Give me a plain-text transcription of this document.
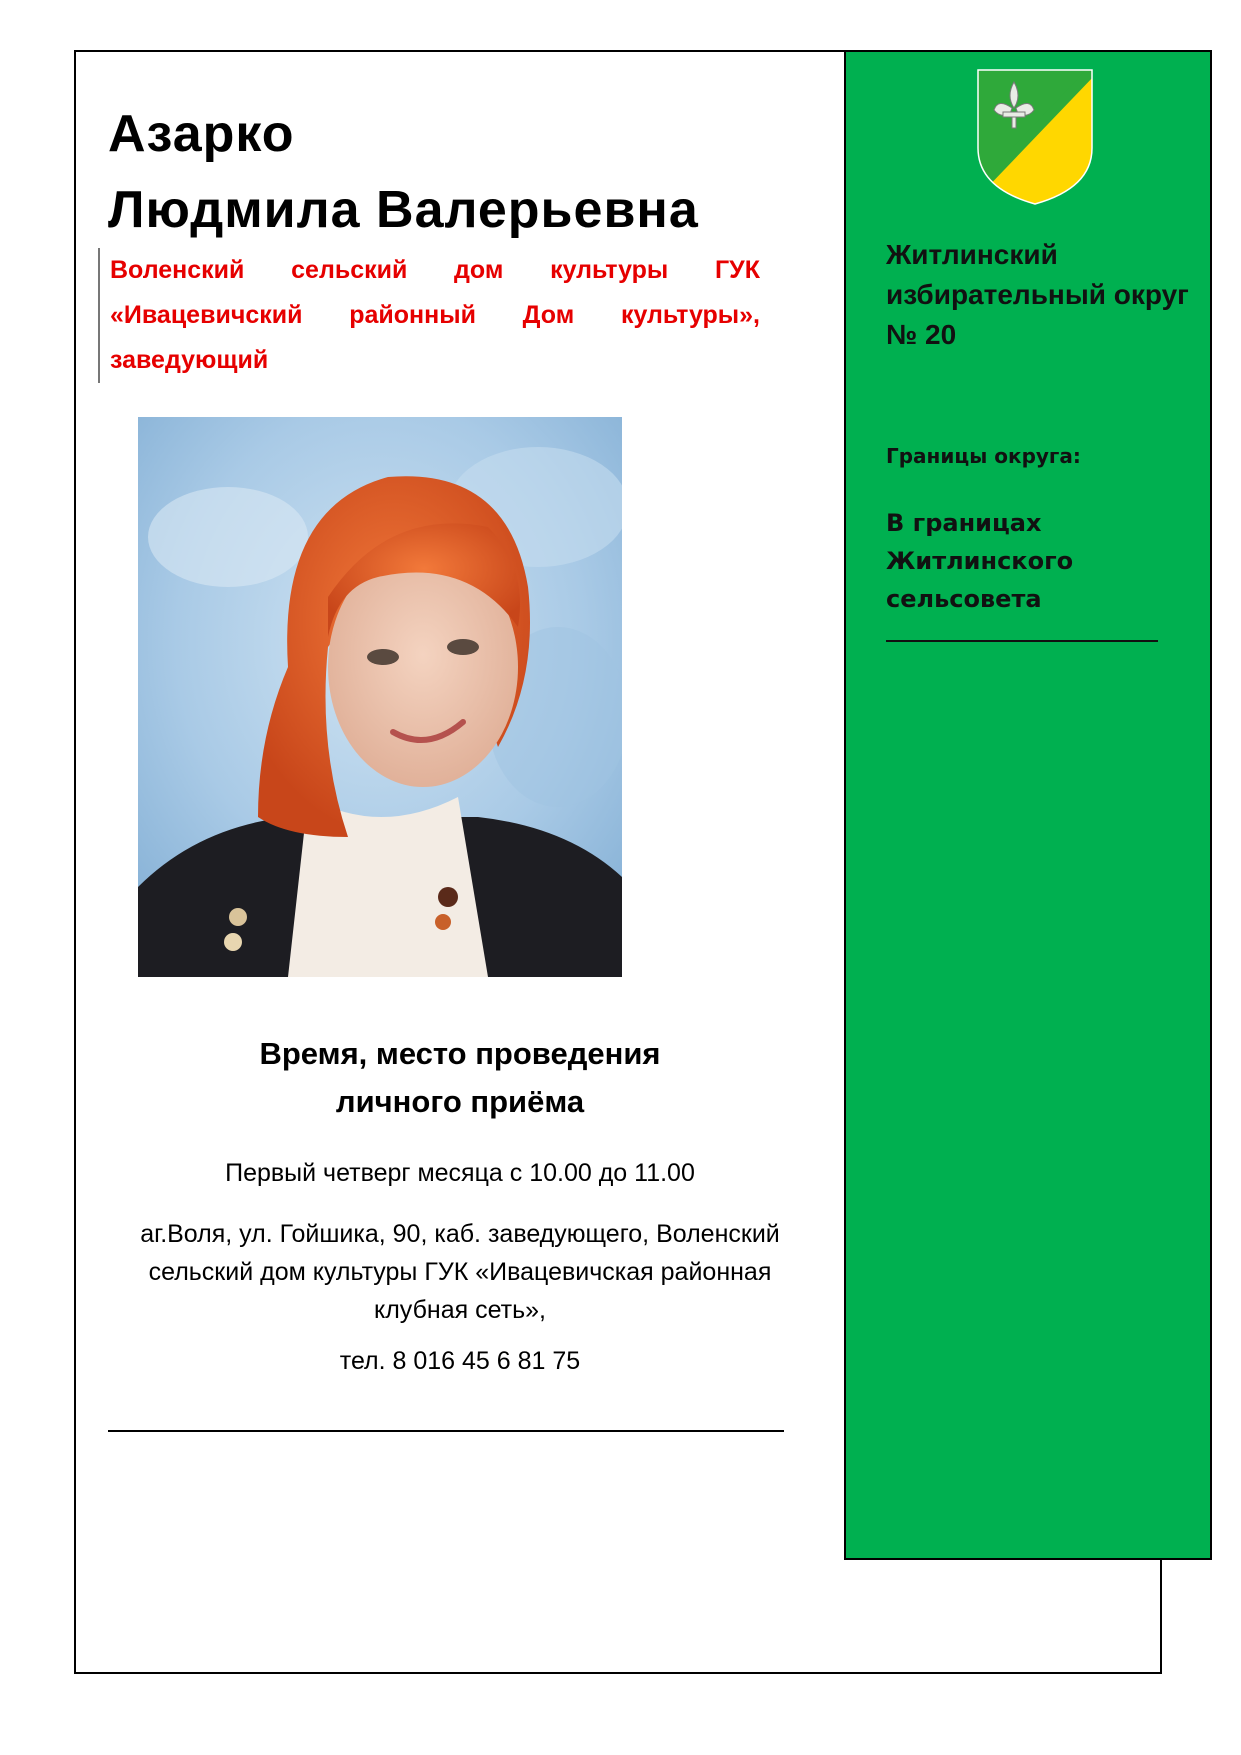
Азарко
Людмила Валерьевна
Воленский сельский дом культуры ГУК «Ивацевичский районный Дом культуры», заведующий
Время, место проведения
личного приёма
Первый четверг месяца с 10.00 до 11.00
аг.Воля, ул. Гойшика, 90, каб. заведующего, Воленский сельский дом культуры ГУК «Ивацевичская районная клубная сеть»,
тел. 8 016 45 6 81 75
Житлинский избирательный округ № 20
Границы округа:
В границах Житлинского сельсовета
